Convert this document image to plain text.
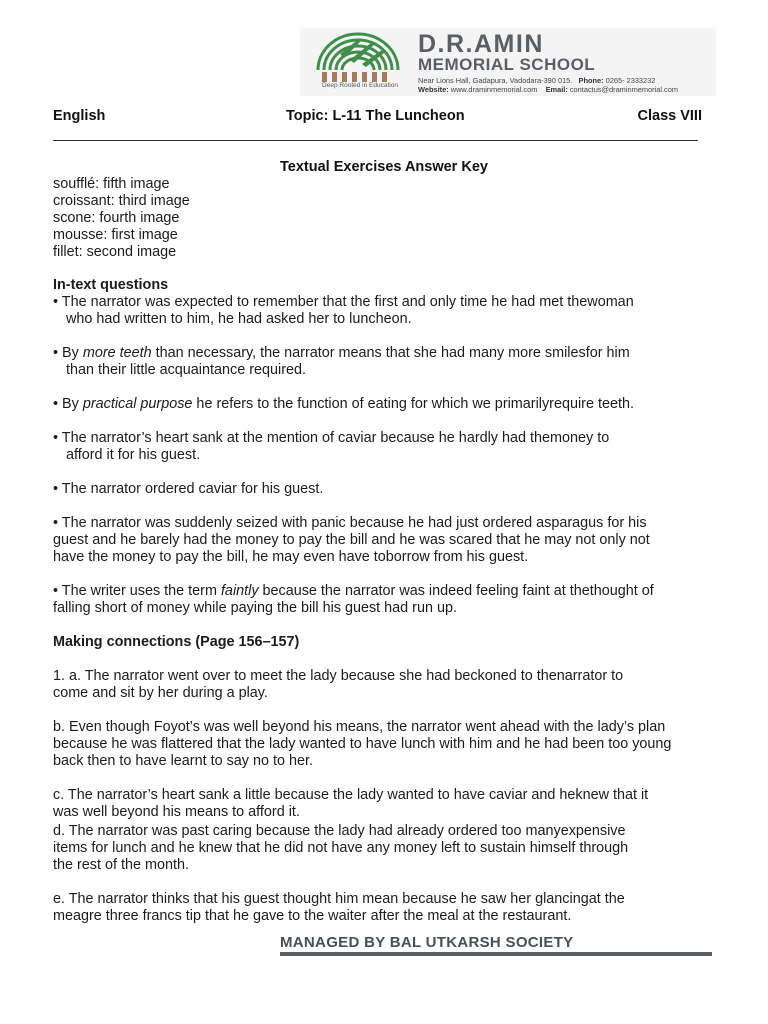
Deep Rooted in Education
D.R.AMIN
MEMORIAL SCHOOL
Near Lions Hall, Gadapura, Vadodara-390 015. Phone: 0265- 2333232
Website: www.draminmemorial.com Email: contactus@draminmemorial.com
English	Topic: L-11 The Luncheon	Class VIII
Textual Exercises Answer Key

soufflé: fifth image

croissant: third image

scone: fourth image

mousse: first image

fillet: second image

In-text questions

• The narrator was expected to remember that the first and only time he had met thewoman

who had written to him, he had asked her to luncheon.

• By more teeth than necessary, the narrator means that she had many more smilesfor him

than their little acquaintance required.

• By practical purpose he refers to the function of eating for which we primarilyrequire teeth.

• The narrator’s heart sank at the mention of caviar because he hardly had themoney to

afford it for his guest.

• The narrator ordered caviar for his guest.

• The narrator was suddenly seized with panic because he had just ordered asparagus for his

guest and he barely had the money to pay the bill and he was scared that he may not only not

have the money to pay the bill, he may even have toborrow from his guest.

• The writer uses the term faintly because the narrator was indeed feeling faint at thethought of

falling short of money while paying the bill his guest had run up.

Making connections (Page 156–157)

1. a. The narrator went over to meet the lady because she had beckoned to thenarrator to

come and sit by her during a play.

b. Even though Foyot’s was well beyond his means, the narrator went ahead with the lady’s plan

because he was flattered that the lady wanted to have lunch with him and he had been too young

back then to have learnt to say no to her.

c. The narrator’s heart sank a little because the lady wanted to have caviar and heknew that it

was well beyond his means to afford it.

d. The narrator was past caring because the lady had already ordered too manyexpensive

items for lunch and he knew that he did not have any money left to sustain himself through

the rest of the month.

e. The narrator thinks that his guest thought him mean because he saw her glancingat the

meagre three francs tip that he gave to the waiter after the meal at the restaurant.

MANAGED BY BAL UTKARSH SOCIETY
